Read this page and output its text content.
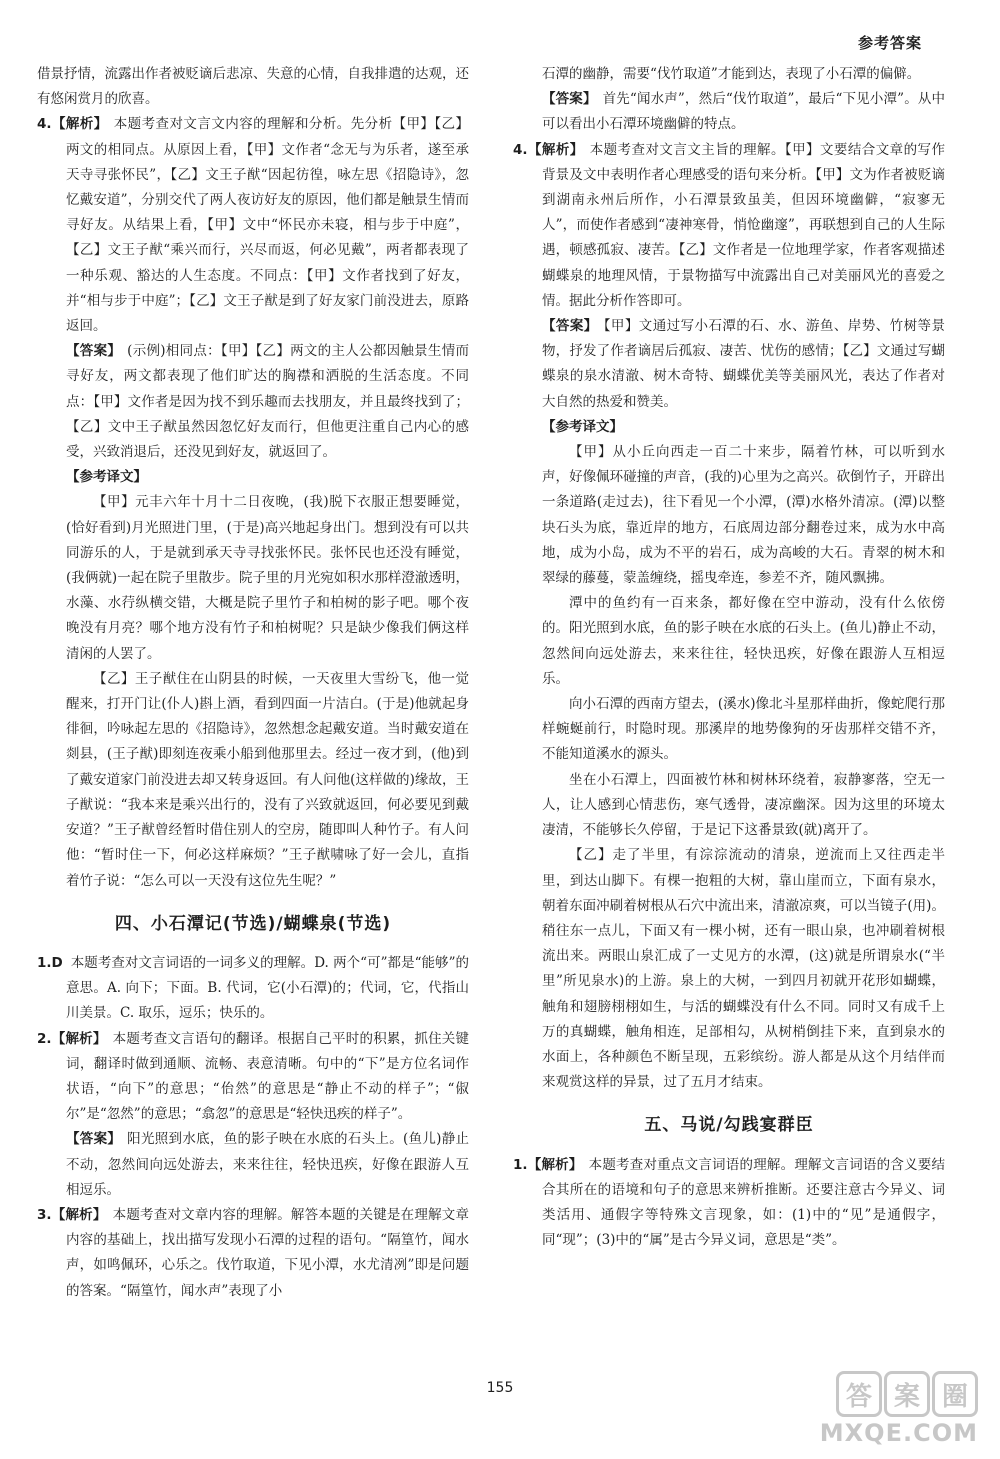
参考答案

借景抒情，流露出作者被贬谪后悲凉、失意的心情，自我排遣的达观，还有悠闲赏月的欣喜。

4.【解析】 本题考查对文言文内容的理解和分析。先分析【甲】【乙】两文的相同点。从原因上看，【甲】文作者“念无与为乐者，遂至承天寺寻张怀民”，【乙】文王子猷“因起彷徨，咏左思《招隐诗》，忽忆戴安道”，分别交代了两人夜访好友的原因，他们都是触景生情而寻好友。从结果上看，【甲】文中“怀民亦未寝，相与步于中庭”，【乙】文王子猷“乘兴而行，兴尽而返，何必见戴”，两者都表现了一种乐观、豁达的人生态度。不同点：【甲】文作者找到了好友，并“相与步于中庭”；【乙】文王子猷是到了好友家门前没进去，原路返回。

【答案】 (示例)相同点：【甲】【乙】两文的主人公都因触景生情而寻好友，两文都表现了他们旷达的胸襟和洒脱的生活态度。不同点：【甲】文作者是因为找不到乐趣而去找朋友，并且最终找到了；【乙】文中王子猷虽然因忽忆好友而行，但他更注重自己内心的感受，兴致消退后，还没见到好友，就返回了。

【参考译文】

【甲】元丰六年十月十二日夜晚，(我)脱下衣服正想要睡觉，(恰好看到)月光照进门里，(于是)高兴地起身出门。想到没有可以共同游乐的人，于是就到承天寺寻找张怀民。张怀民也还没有睡觉，(我俩就)一起在院子里散步。院子里的月光宛如积水那样澄澈透明，水藻、水荇纵横交错，大概是院子里竹子和柏树的影子吧。哪个夜晚没有月亮？哪个地方没有竹子和柏树呢？只是缺少像我们俩这样清闲的人罢了。

【乙】王子猷住在山阴县的时候，一天夜里大雪纷飞，他一觉醒来，打开门让(仆人)斟上酒，看到四面一片洁白。(于是)他就起身徘徊，吟咏起左思的《招隐诗》，忽然想念起戴安道。当时戴安道在剡县，(王子猷)即刻连夜乘小船到他那里去。经过一夜才到，(他)到了戴安道家门前没进去却又转身返回。有人问他(这样做的)缘故，王子猷说：“我本来是乘兴出行的，没有了兴致就返回，何必要见到戴安道？”王子猷曾经暂时借住别人的空房，随即叫人种竹子。有人问他：“暂时住一下，何必这样麻烦？”王子猷啸咏了好一会儿，直指着竹子说：“怎么可以一天没有这位先生呢？”

四、小石潭记(节选)/蝴蝶泉(节选)

1.D 本题考查对文言词语的一词多义的理解。D. 两个“可”都是“能够”的意思。A. 向下；下面。B. 代词，它(小石潭)的；代词，它，代指山川美景。C. 取乐，逗乐；快乐的。

2.【解析】 本题考查文言语句的翻译。根据自己平时的积累，抓住关键词，翻译时做到通顺、流畅、表意清晰。句中的“下”是方位名词作状语，“向下”的意思；“佁然”的意思是“静止不动的样子”；“俶尔”是“忽然”的意思；“翕忽”的意思是“轻快迅疾的样子”。

【答案】 阳光照到水底，鱼的影子映在水底的石头上。(鱼儿)静止不动，忽然间向远处游去，来来往往，轻快迅疾，好像在跟游人互相逗乐。

3.【解析】 本题考查对文章内容的理解。解答本题的关键是在理解文章内容的基础上，找出描写发现小石潭的过程的语句。“隔篁竹，闻水声，如鸣佩环，心乐之。伐竹取道，下见小潭，水尤清冽”即是问题的答案。“隔篁竹，闻水声”表现了小

石潭的幽静，需要“伐竹取道”才能到达，表现了小石潭的偏僻。

【答案】 首先“闻水声”，然后“伐竹取道”，最后“下见小潭”。从中可以看出小石潭环境幽僻的特点。

4.【解析】 本题考查对文言文主旨的理解。【甲】文要结合文章的写作背景及文中表明作者心理感受的语句来分析。【甲】文为作者被贬谪到湖南永州后所作，小石潭景致虽美，但因环境幽僻，“寂寥无人”，而使作者感到“凄神寒骨，悄怆幽邃”，再联想到自己的人生际遇，顿感孤寂、凄苦。【乙】文作者是一位地理学家，作者客观描述蝴蝶泉的地理风情，于景物描写中流露出自己对美丽风光的喜爱之情。据此分析作答即可。

【答案】 【甲】文通过写小石潭的石、水、游鱼、岸势、竹树等景物，抒发了作者谪居后孤寂、凄苦、忧伤的感情；【乙】文通过写蝴蝶泉的泉水清澈、树木奇特、蝴蝶优美等美丽风光，表达了作者对大自然的热爱和赞美。

【参考译文】

【甲】从小丘向西走一百二十来步，隔着竹林，可以听到水声，好像佩环碰撞的声音，(我的)心里为之高兴。砍倒竹子，开辟出一条道路(走过去)，往下看见一个小潭，(潭)水格外清凉。(潭)以整块石头为底，靠近岸的地方，石底周边部分翻卷过来，成为水中高地，成为小岛，成为不平的岩石，成为高峻的大石。青翠的树木和翠绿的藤蔓，蒙盖缠绕，摇曳牵连，参差不齐，随风飘拂。

潭中的鱼约有一百来条，都好像在空中游动，没有什么依傍的。阳光照到水底，鱼的影子映在水底的石头上。(鱼儿)静止不动，忽然间向远处游去，来来往往，轻快迅疾，好像在跟游人互相逗乐。

向小石潭的西南方望去，(溪水)像北斗星那样曲折，像蛇爬行那样蜿蜒前行，时隐时现。那溪岸的地势像狗的牙齿那样交错不齐，不能知道溪水的源头。

坐在小石潭上，四面被竹林和树林环绕着，寂静寥落，空无一人，让人感到心情悲伤，寒气透骨，凄凉幽深。因为这里的环境太凄清，不能够长久停留，于是记下这番景致(就)离开了。

【乙】走了半里，有淙淙流动的清泉，逆流而上又往西走半里，到达山脚下。有棵一抱粗的大树，靠山崖而立，下面有泉水，朝着东面冲刷着树根从石穴中流出来，清澈凉爽，可以当镜子(用)。稍往东一点儿，下面又有一棵小树，还有一眼山泉，也冲刷着树根流出来。两眼山泉汇成了一丈见方的水潭，(这)就是所谓泉水(“半里”所见泉水)的上游。泉上的大树，一到四月初就开花形如蝴蝶，触角和翅膀栩栩如生，与活的蝴蝶没有什么不同。同时又有成千上万的真蝴蝶，触角相连，足部相勾，从树梢倒挂下来，直到泉水的水面上，各种颜色不断呈现，五彩缤纷。游人都是从这个月结伴而来观赏这样的异景，过了五月才结束。

五、马说/勾践宴群臣

1.【解析】 本题考查对重点文言词语的理解。理解文言词语的含义要结合其所在的语境和句子的意思来辨析推断。还要注意古今异义、词类活用、通假字等特殊文言现象，如：(1)中的“见”是通假字，同“现”；(3)中的“属”是古今异义词，意思是“类”。

155	答 案 圈
MXQE.COM
